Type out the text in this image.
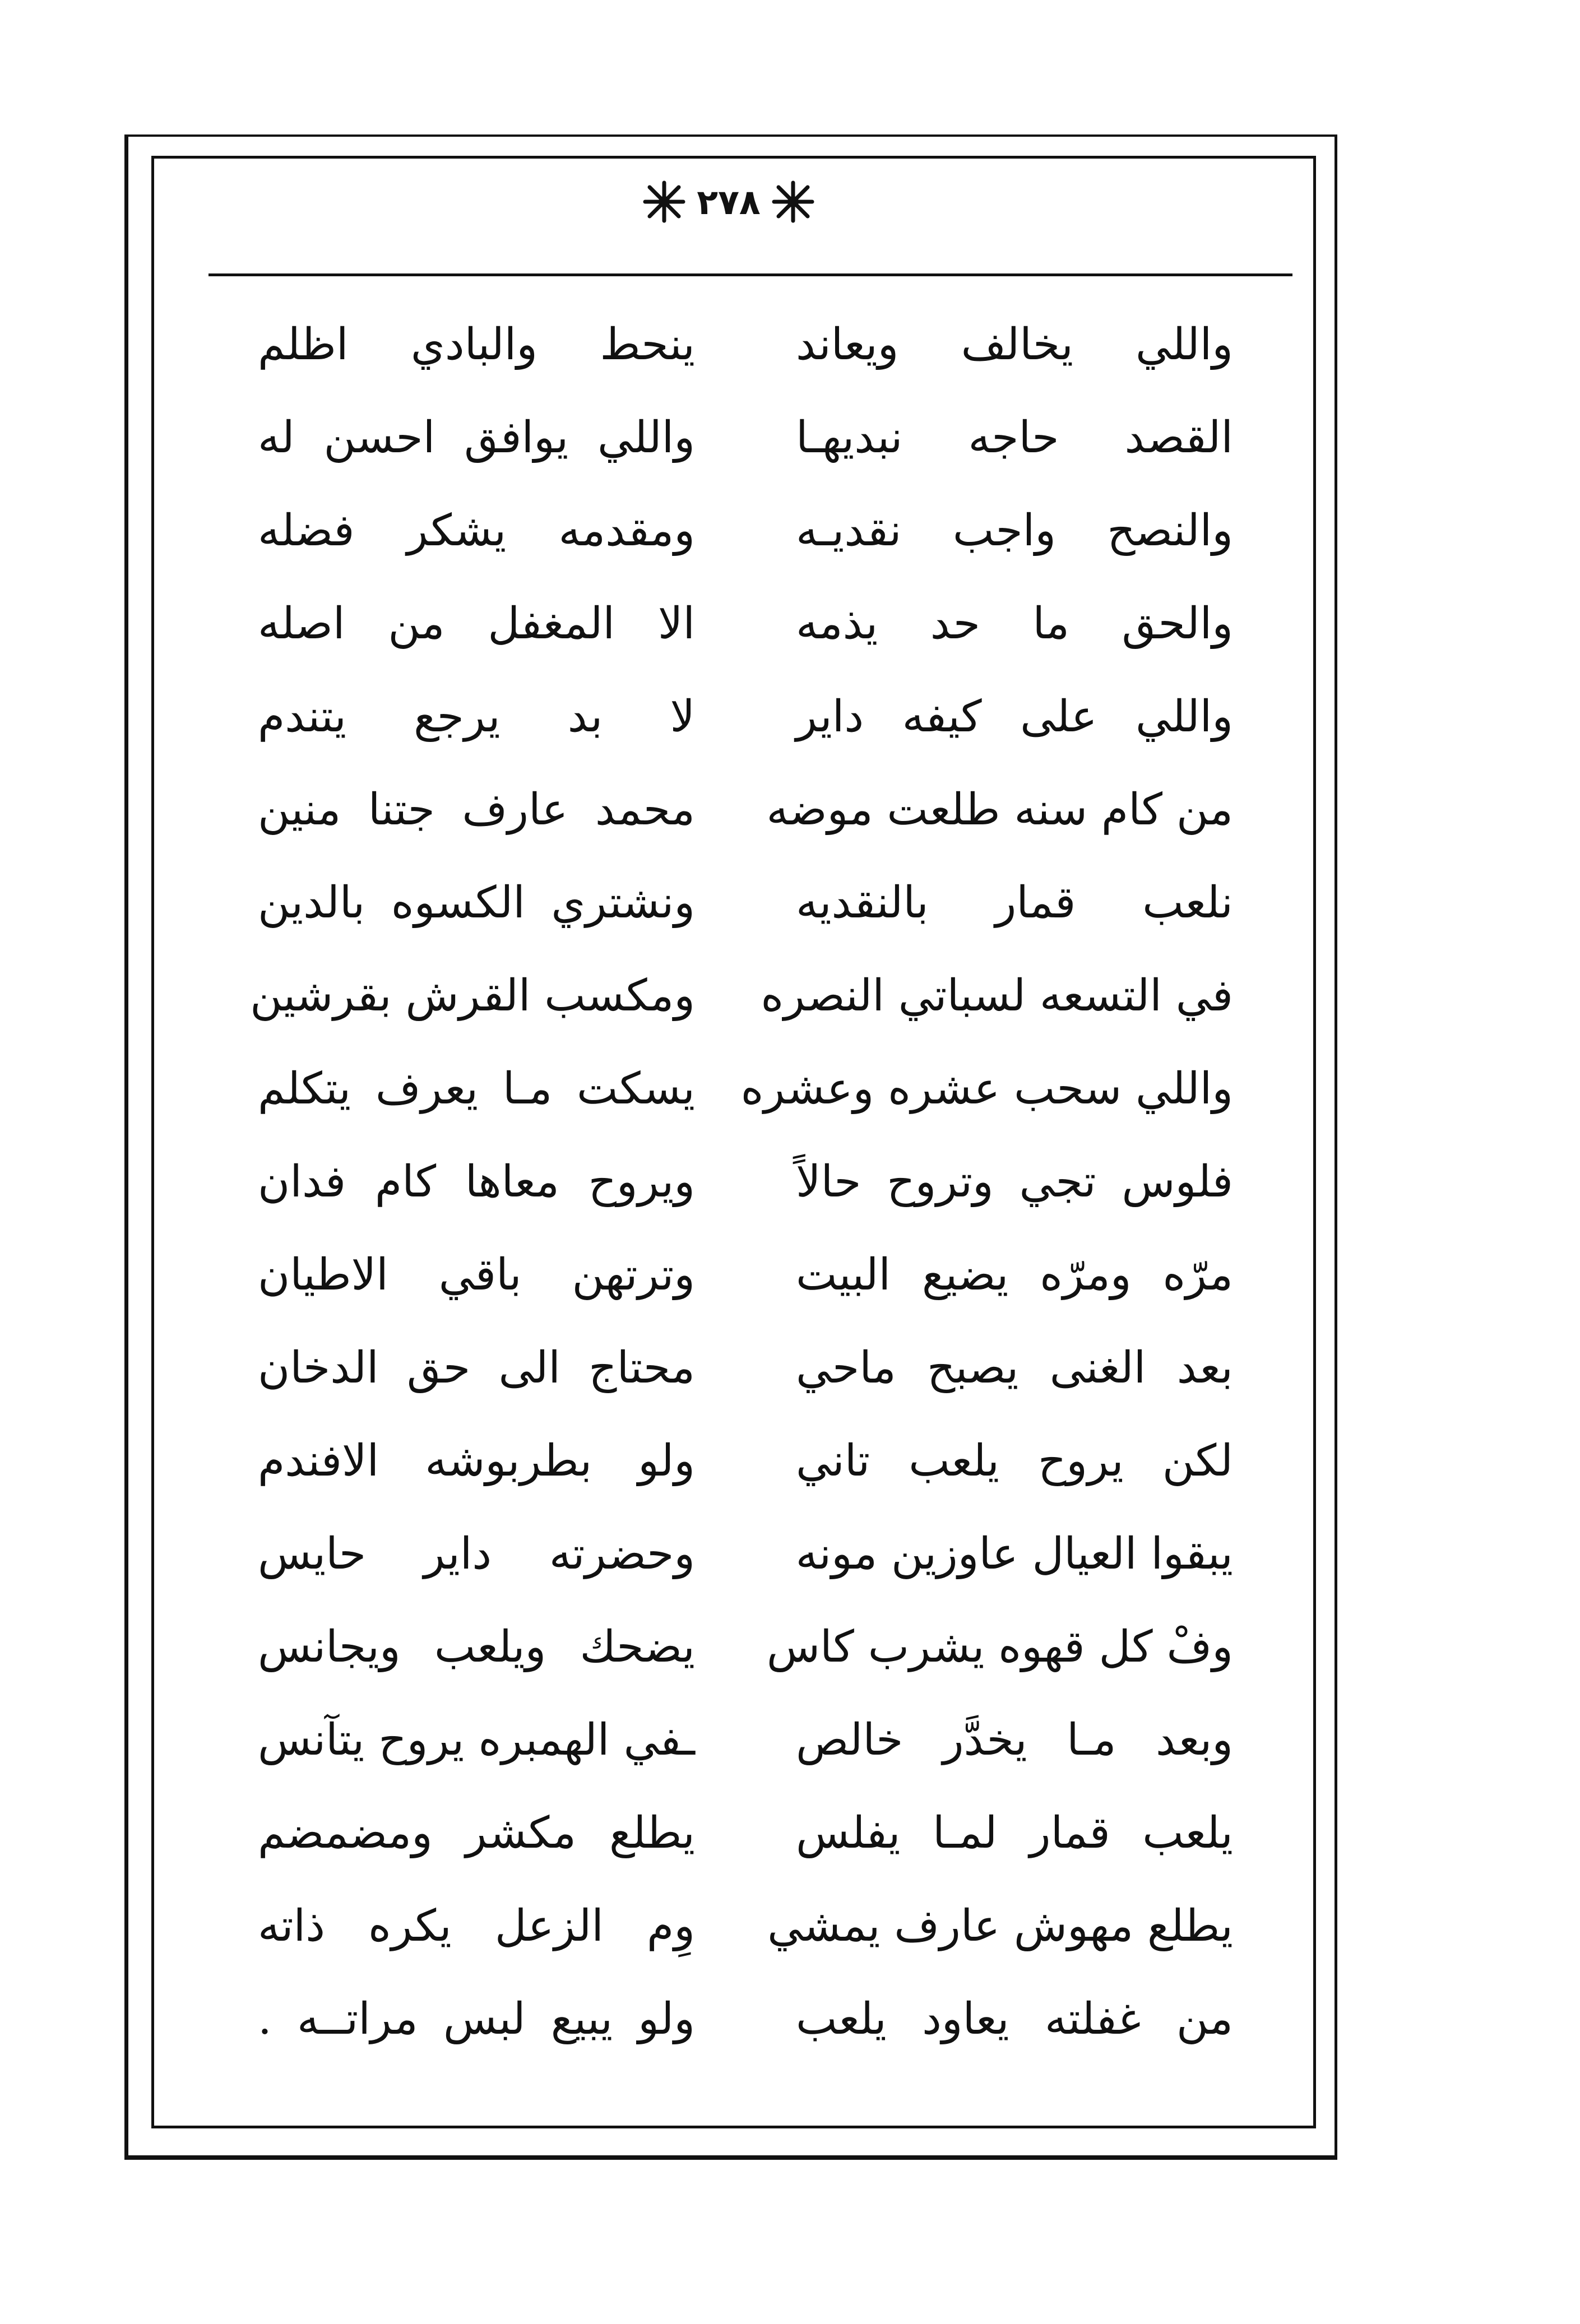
٢٧٨
واللي يخالف ويعاند
ينحط والبادي اظلم
القصد حاجه نبديهـا
واللي يوافق احسن له
والنصح واجب نقديـه
ومقدمه يشكر فضله
والحق ما حد يذمه
الا المغفل من اصله
واللي على كيفه داير
لا بد يرجع يتندم
من كام سنه طلعت موضه
محمد عارف جتنا منين
نلعب قمار بالنقديه
ونشتري الكسوه بالدين
في التسعه لسباتي النصره
ومكسب القرش بقرشين
واللي سحب عشره وعشره
يسكت مـا يعرف يتكلم
فلوس تجي وتروح حالاً
ويروح معاها كام فدان
مرّه ومرّه يضيع البيت
وترتهن باقي الاطيان
بعد الغنى يصبح ماحي
محتاج الى حق الدخان
لكن يروح يلعب تاني
ولو بطربوشه الافندم
يبقوا العيال عاوزين مونه
وحضرته داير حايس
وفْ كل قهوه يشرب كاس
يضحك ويلعب ويجانس
وبعد مـا يخدَّر خالص
ـفي الهمبره يروح يتآنس
يلعب قمار لمـا يفلس
يطلع مكشر ومضمضم
يطلع مهوش عارف يمشي
وِم الزعل يكره ذاته
من غفلته يعاود يلعب
ولو يبيع لبس مراتــه .
